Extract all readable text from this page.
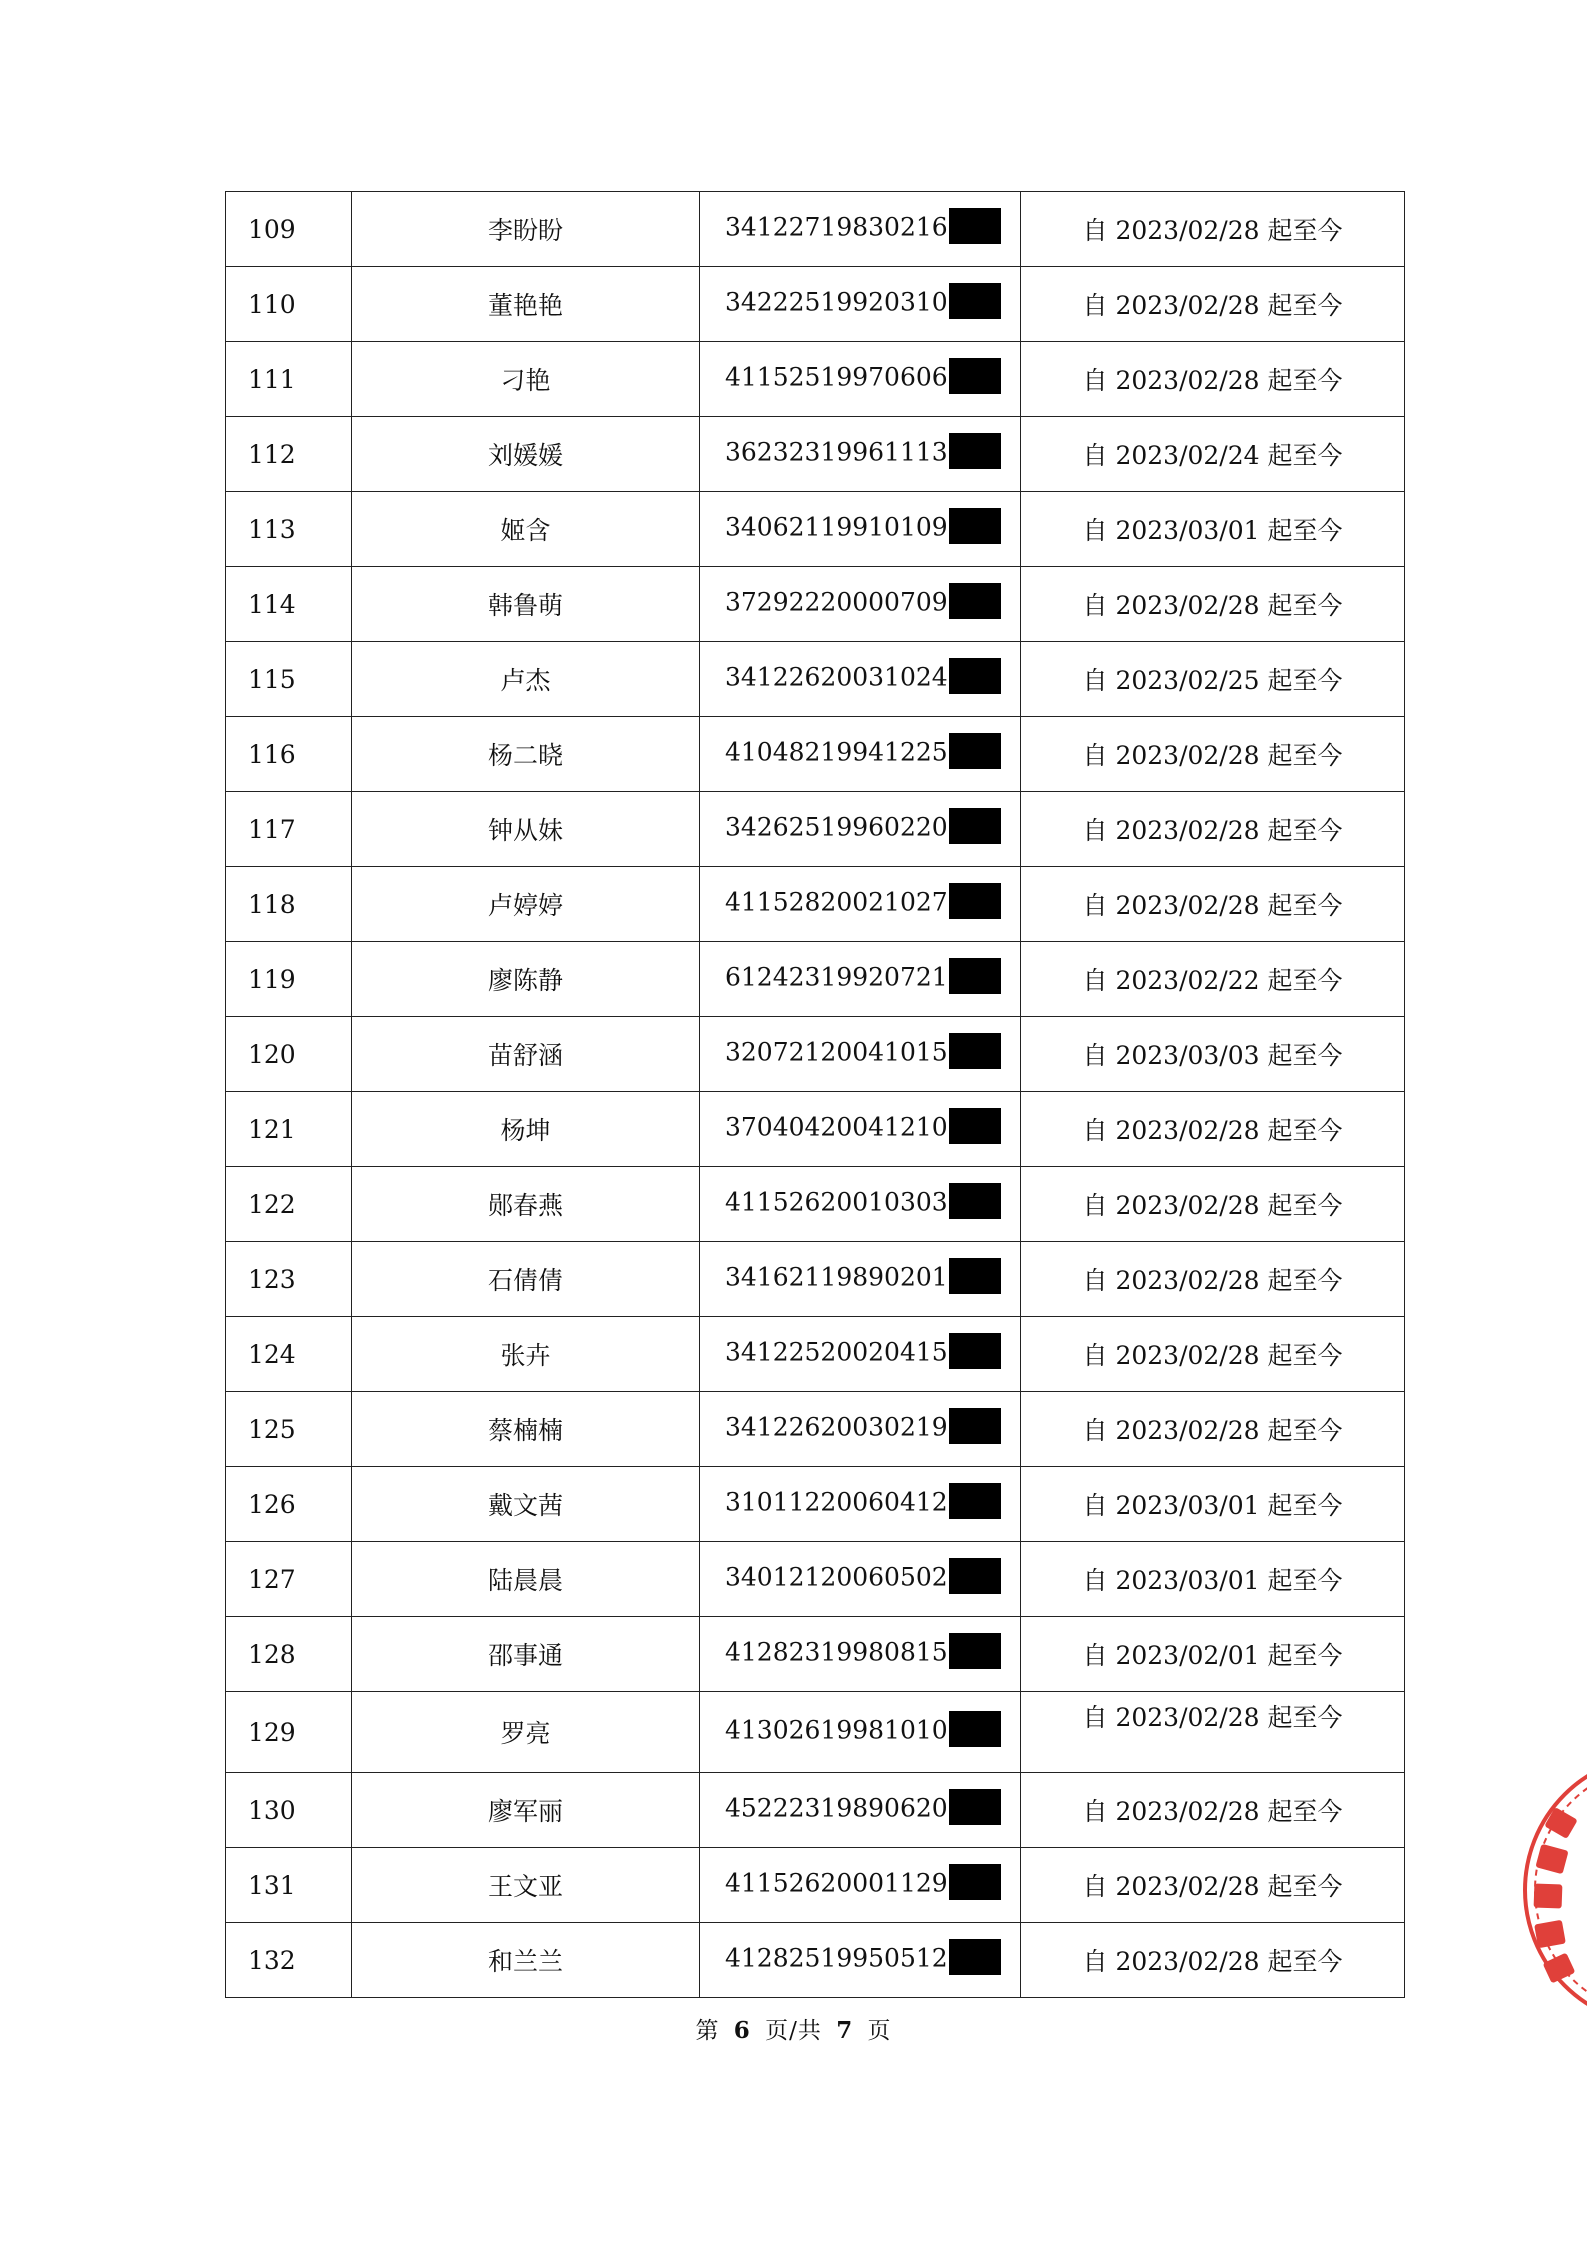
109	李盼盼	34122719830216	自 2023/02/28 起至今
110	董艳艳	34222519920310	自 2023/02/28 起至今
111	刁艳	41152519970606	自 2023/02/28 起至今
112	刘媛媛	36232319961113	自 2023/02/24 起至今
113	姬含	34062119910109	自 2023/03/01 起至今
114	韩鲁萌	37292220000709	自 2023/02/28 起至今
115	卢杰	34122620031024	自 2023/02/25 起至今
116	杨二晓	41048219941225	自 2023/02/28 起至今
117	钟从妹	34262519960220	自 2023/02/28 起至今
118	卢婷婷	41152820021027	自 2023/02/28 起至今
119	廖陈静	61242319920721	自 2023/02/22 起至今
120	苗舒涵	32072120041015	自 2023/03/03 起至今
121	杨坤	37040420041210	自 2023/02/28 起至今
122	郧春燕	41152620010303	自 2023/02/28 起至今
123	石倩倩	34162119890201	自 2023/02/28 起至今
124	张卉	34122520020415	自 2023/02/28 起至今
125	蔡楠楠	34122620030219	自 2023/02/28 起至今
126	戴文茜	31011220060412	自 2023/03/01 起至今
127	陆晨晨	34012120060502	自 2023/03/01 起至今
128	邵事通	41282319980815	自 2023/02/01 起至今
129	罗亮	41302619981010	自 2023/02/28 起至今
130	廖军丽	45222319890620	自 2023/02/28 起至今
131	王文亚	41152620001129	自 2023/02/28 起至今
132	和兰兰	41282519950512	自 2023/02/28 起至今
第 6 页/共 7 页
